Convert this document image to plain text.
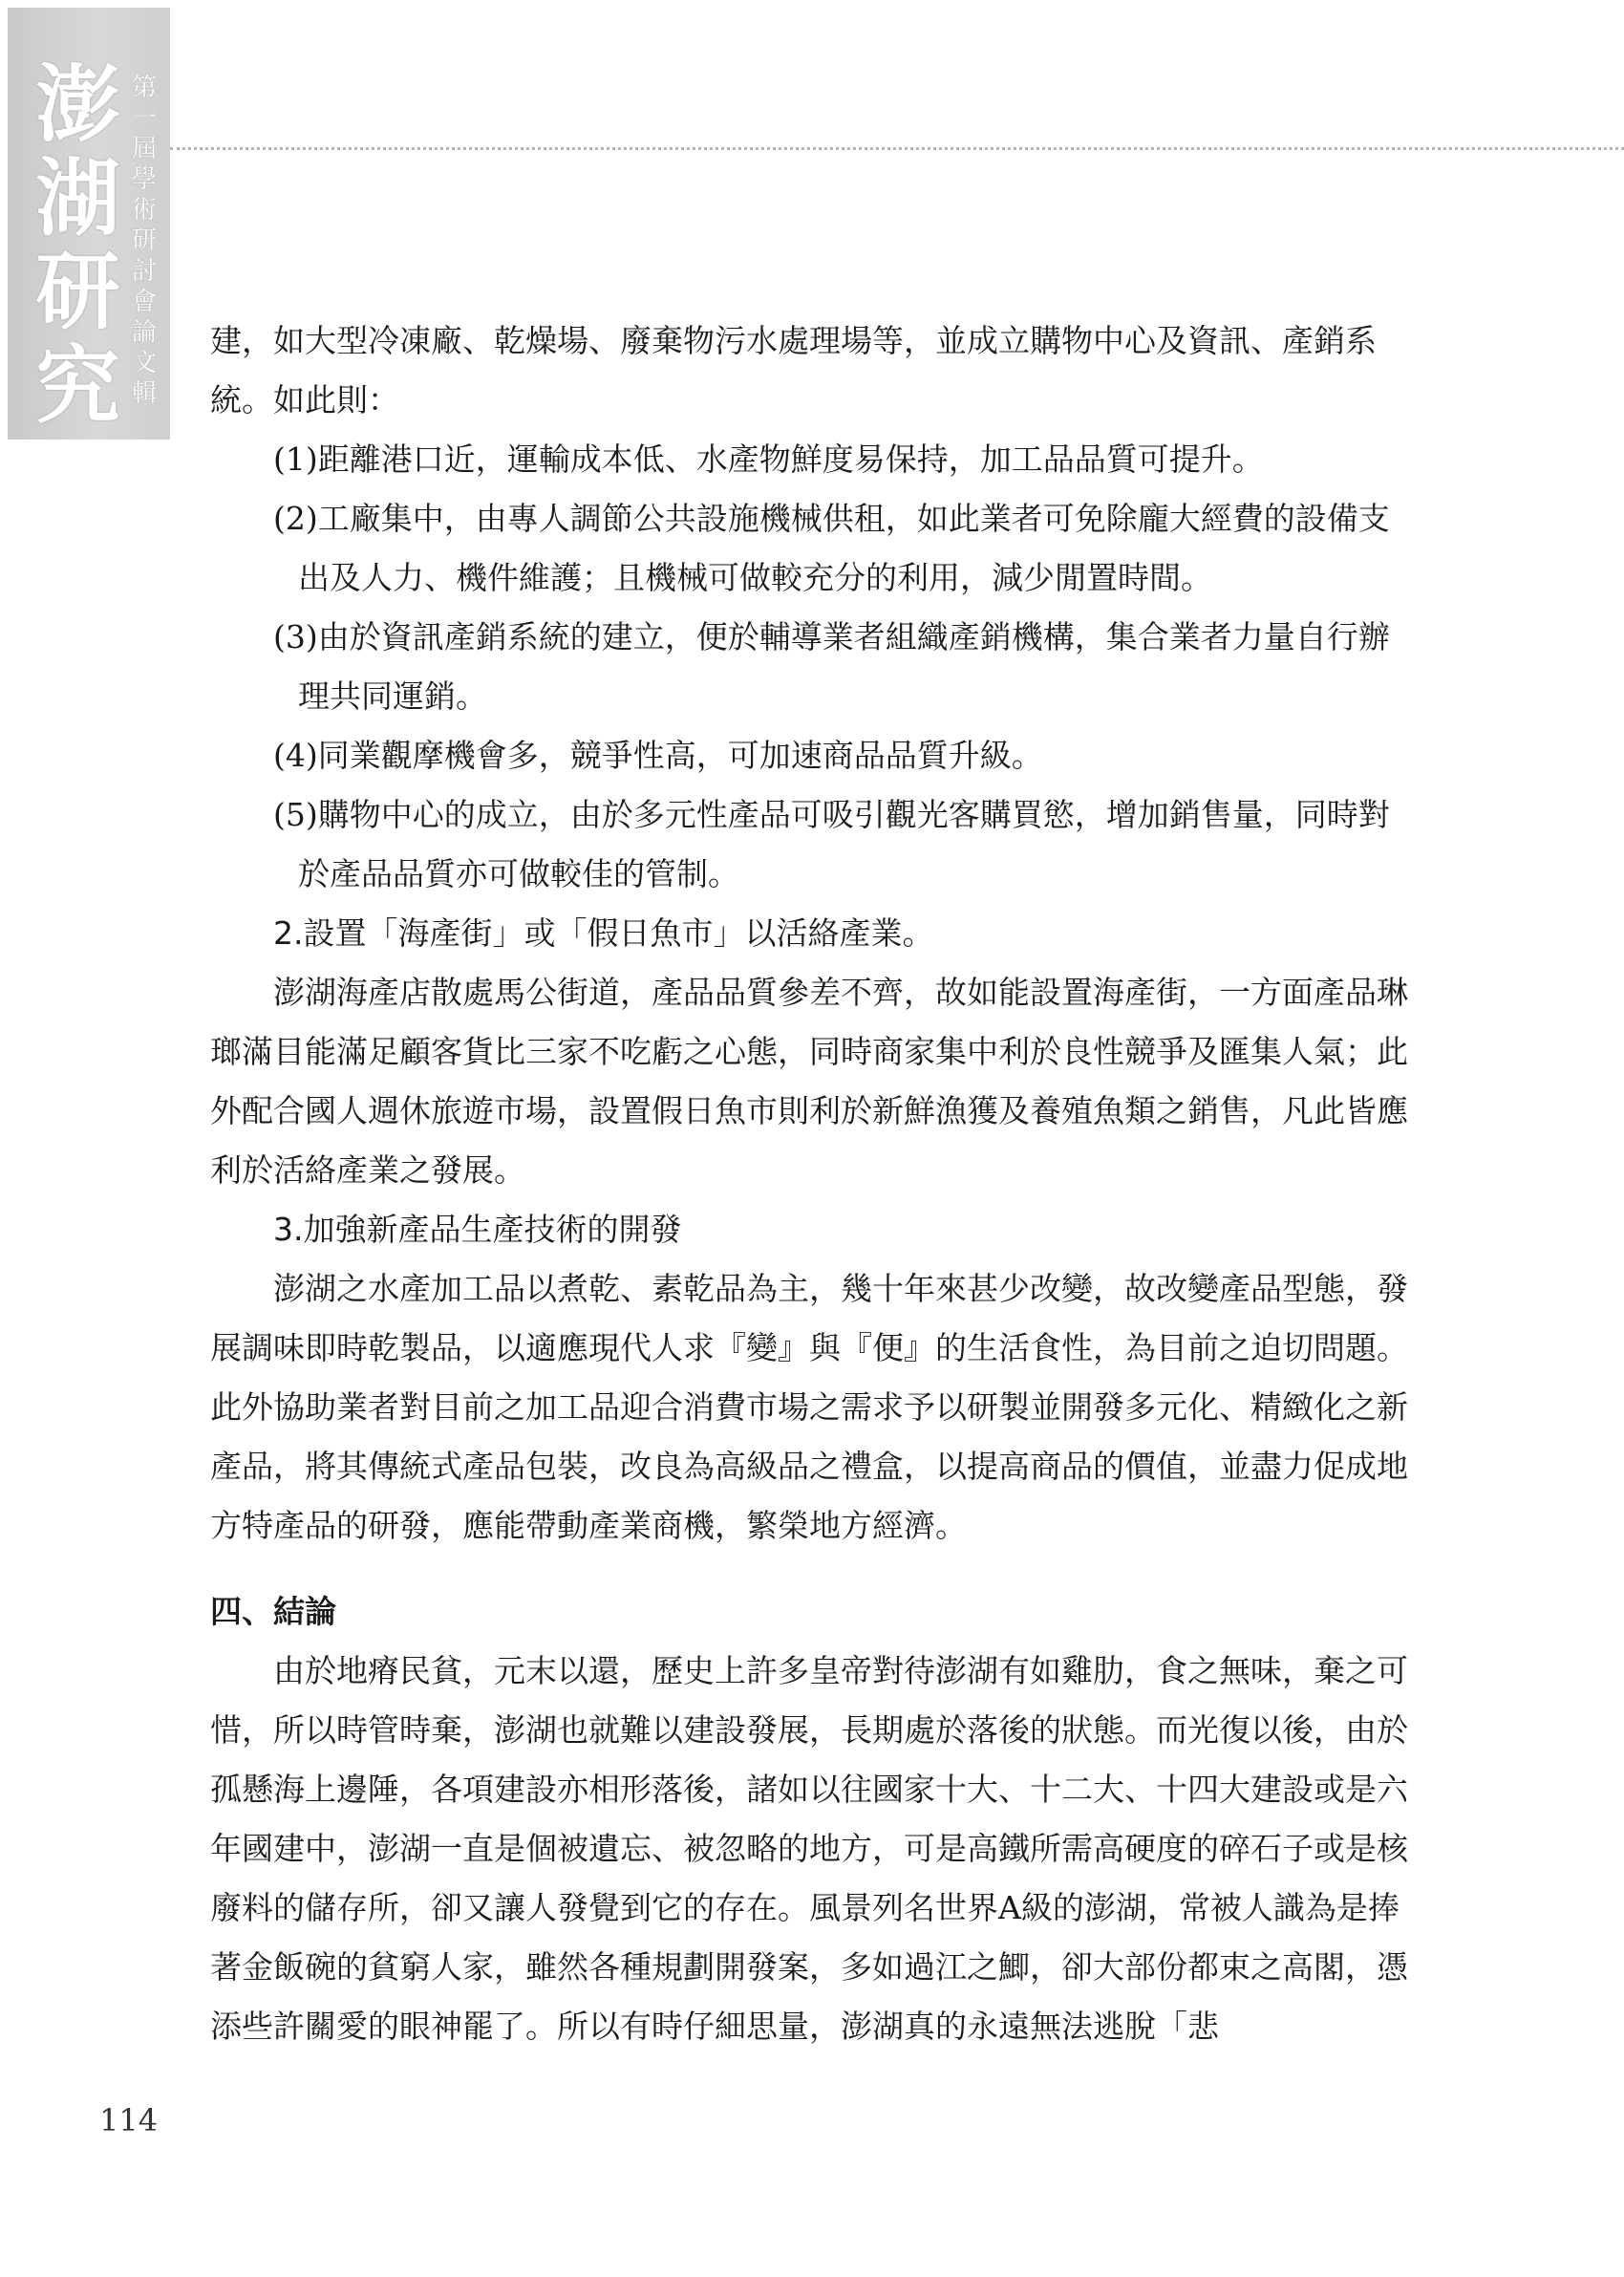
澎湖研究
第一屆學術研討會論文輯

建，如大型冷凍廠、乾燥場、廢棄物污水處理場等，並成立購物中心及資訊、產銷系統。如此則：

(1)距離港口近，運輸成本低、水產物鮮度易保持，加工品品質可提升。

(2)工廠集中，由專人調節公共設施機械供租，如此業者可免除龐大經費的設備支出及人力、機件維護；且機械可做較充分的利用，減少閒置時間。

(3)由於資訊產銷系統的建立，便於輔導業者組織產銷機構，集合業者力量自行辦理共同運銷。

(4)同業觀摩機會多，競爭性高，可加速商品品質升級。

(5)購物中心的成立，由於多元性產品可吸引觀光客購買慾，增加銷售量，同時對於產品品質亦可做較佳的管制。

2.設置「海產街」或「假日魚市」以活絡產業。

澎湖海產店散處馬公街道，產品品質參差不齊，故如能設置海產街，一方面產品琳瑯滿目能滿足顧客貨比三家不吃虧之心態，同時商家集中利於良性競爭及匯集人氣；此外配合國人週休旅遊市場，設置假日魚市則利於新鮮漁獲及養殖魚類之銷售，凡此皆應利於活絡產業之發展。

3.加強新產品生產技術的開發

澎湖之水產加工品以煮乾、素乾品為主，幾十年來甚少改變，故改變產品型態，發展調味即時乾製品，以適應現代人求『變』與『便』的生活食性，為目前之迫切問題。此外協助業者對目前之加工品迎合消費市場之需求予以研製並開發多元化、精緻化之新產品，將其傳統式產品包裝，改良為高級品之禮盒，以提高商品的價值，並盡力促成地方特產品的研發，應能帶動產業商機，繁榮地方經濟。

四、結論

由於地瘠民貧，元末以還，歷史上許多皇帝對待澎湖有如雞肋，食之無味，棄之可惜，所以時管時棄，澎湖也就難以建設發展，長期處於落後的狀態。而光復以後，由於孤懸海上邊陲，各項建設亦相形落後，諸如以往國家十大、十二大、十四大建設或是六年國建中，澎湖一直是個被遺忘、被忽略的地方，可是高鐵所需高硬度的碎石子或是核廢料的儲存所，卻又讓人發覺到它的存在。風景列名世界A級的澎湖，常被人識為是捧著金飯碗的貧窮人家，雖然各種規劃開發案，多如過江之鯽，卻大部份都束之高閣，憑添些許關愛的眼神罷了。所以有時仔細思量，澎湖真的永遠無法逃脫「悲

114
